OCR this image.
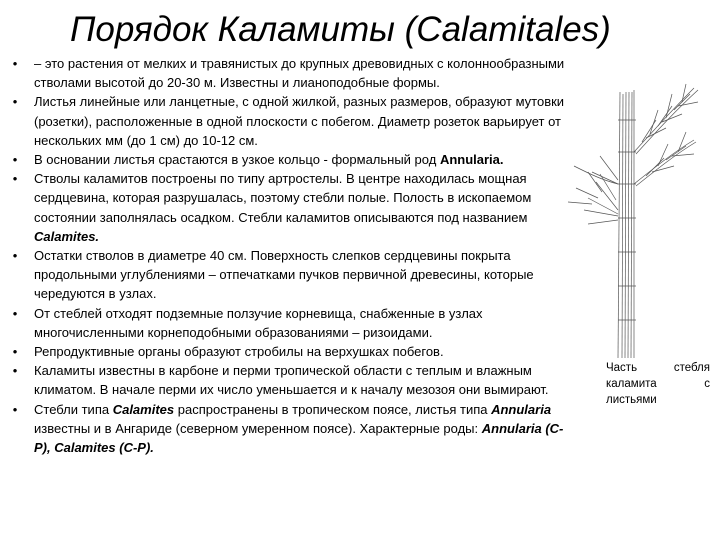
Порядок Каламиты (Calamitales)
• – это растения от мелких и травянистых до крупных древовидных с колоннообразными стволами высотой до 20-30 м. Известны и лианоподобные формы.

• Листья линейные или ланцетные, с одной жилкой, разных размеров, образуют мутовки (розетки), расположенные в одной плоскости с побегом. Диаметр розеток варьирует от нескольких мм (до 1 см) до 10-12 см.

• В основании листья срастаются в узкое кольцо - формальный род Annularia.

• Стволы каламитов построены по типу артростелы. В центре находилась мощная сердцевина, которая разрушалась, поэтому стебли полые. Полость в ископаемом состоянии заполнялась осадком. Стебли каламитов описываются под названием Calamites.

• Остатки стволов в диаметре 40 см. Поверхность слепков сердцевины покрыта продольными углублениями – отпечатками пучков первичной древесины, которые чередуются в узлах.

• От стеблей отходят подземные ползучие корневища, снабженные в узлах многочисленными корнеподобными образованиями – ризоидами.

• Репродуктивные органы образуют стробилы на верхушках побегов.

• Каламиты известны в карбоне и перми тропической области с теплым и влажным климатом. В начале перми их число уменьшается и к началу мезозоя они вымирают.

• Стебли типа Calamites распространены в тропическом поясе, листья типа Annularia известны и в Ангариде (северном умеренном поясе). Характерные роды: Annularia (C-P), Calamites (C-P).

Часть стебля каламита с листьями
